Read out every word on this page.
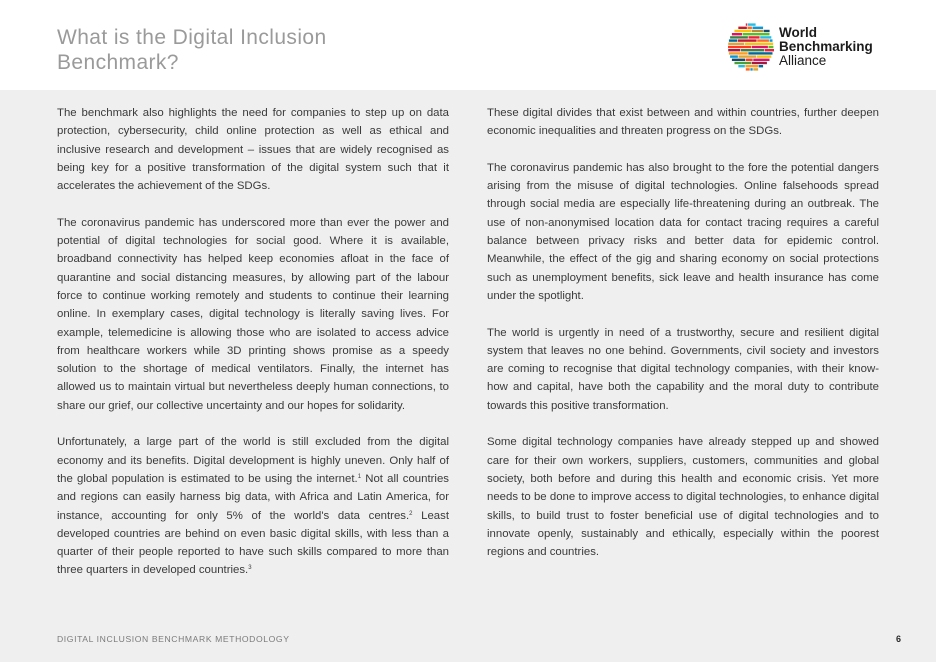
What is the Digital Inclusion Benchmark?
World
Benchmarking
Alliance

The benchmark also highlights the need for companies to step up on data protection, cybersecurity, child online protection as well as ethical and inclusive research and development – issues that are widely recognised as being key for a positive transformation of the digital system such that it accelerates the achievement of the SDGs.

The coronavirus pandemic has underscored more than ever the power and potential of digital technologies for social good. Where it is available, broadband connectivity has helped keep economies afloat in the face of quarantine and social distancing measures, by allowing part of the labour force to continue working remotely and students to continue their learning online. In exemplary cases, digital technology is literally saving lives. For example, telemedicine is allowing those who are isolated to access advice from healthcare workers while 3D printing shows promise as a speedy solution to the shortage of medical ventilators. Finally, the internet has allowed us to maintain virtual but nevertheless deeply human connections, to share our grief, our collective uncertainty and our hopes for solidarity.

Unfortunately, a large part of the world is still excluded from the digital economy and its benefits. Digital development is highly uneven. Only half of the global population is estimated to be using the internet.$^1$ Not all countries and regions can easily harness big data, with Africa and Latin America, for instance, accounting for only 5% of the world's data centres.$^2$ Least developed countries are behind on even basic digital skills, with less than a quarter of their people reported to have such skills compared to more than three quarters in developed countries.$^3$

These digital divides that exist between and within countries, further deepen economic inequalities and threaten progress on the SDGs.

The coronavirus pandemic has also brought to the fore the potential dangers arising from the misuse of digital technologies. Online falsehoods spread through social media are especially life-threatening during an outbreak. The use of non-anonymised location data for contact tracing requires a careful balance between privacy risks and better data for epidemic control. Meanwhile, the effect of the gig and sharing economy on social protections such as unemployment benefits, sick leave and health insurance has come under the spotlight.

The world is urgently in need of a trustworthy, secure and resilient digital system that leaves no one behind. Governments, civil society and investors are coming to recognise that digital technology companies, with their know-how and capital, have both the capability and the moral duty to contribute towards this positive transformation.

Some digital technology companies have already stepped up and showed care for their own workers, suppliers, customers, communities and global society, both before and during this health and economic crisis. Yet more needs to be done to improve access to digital technologies, to enhance digital skills, to build trust to foster beneficial use of digital technologies and to innovate openly, sustainably and ethically, especially within the poorest regions and countries.

DIGITAL INCLUSION BENCHMARK METHODOLOGY	6
